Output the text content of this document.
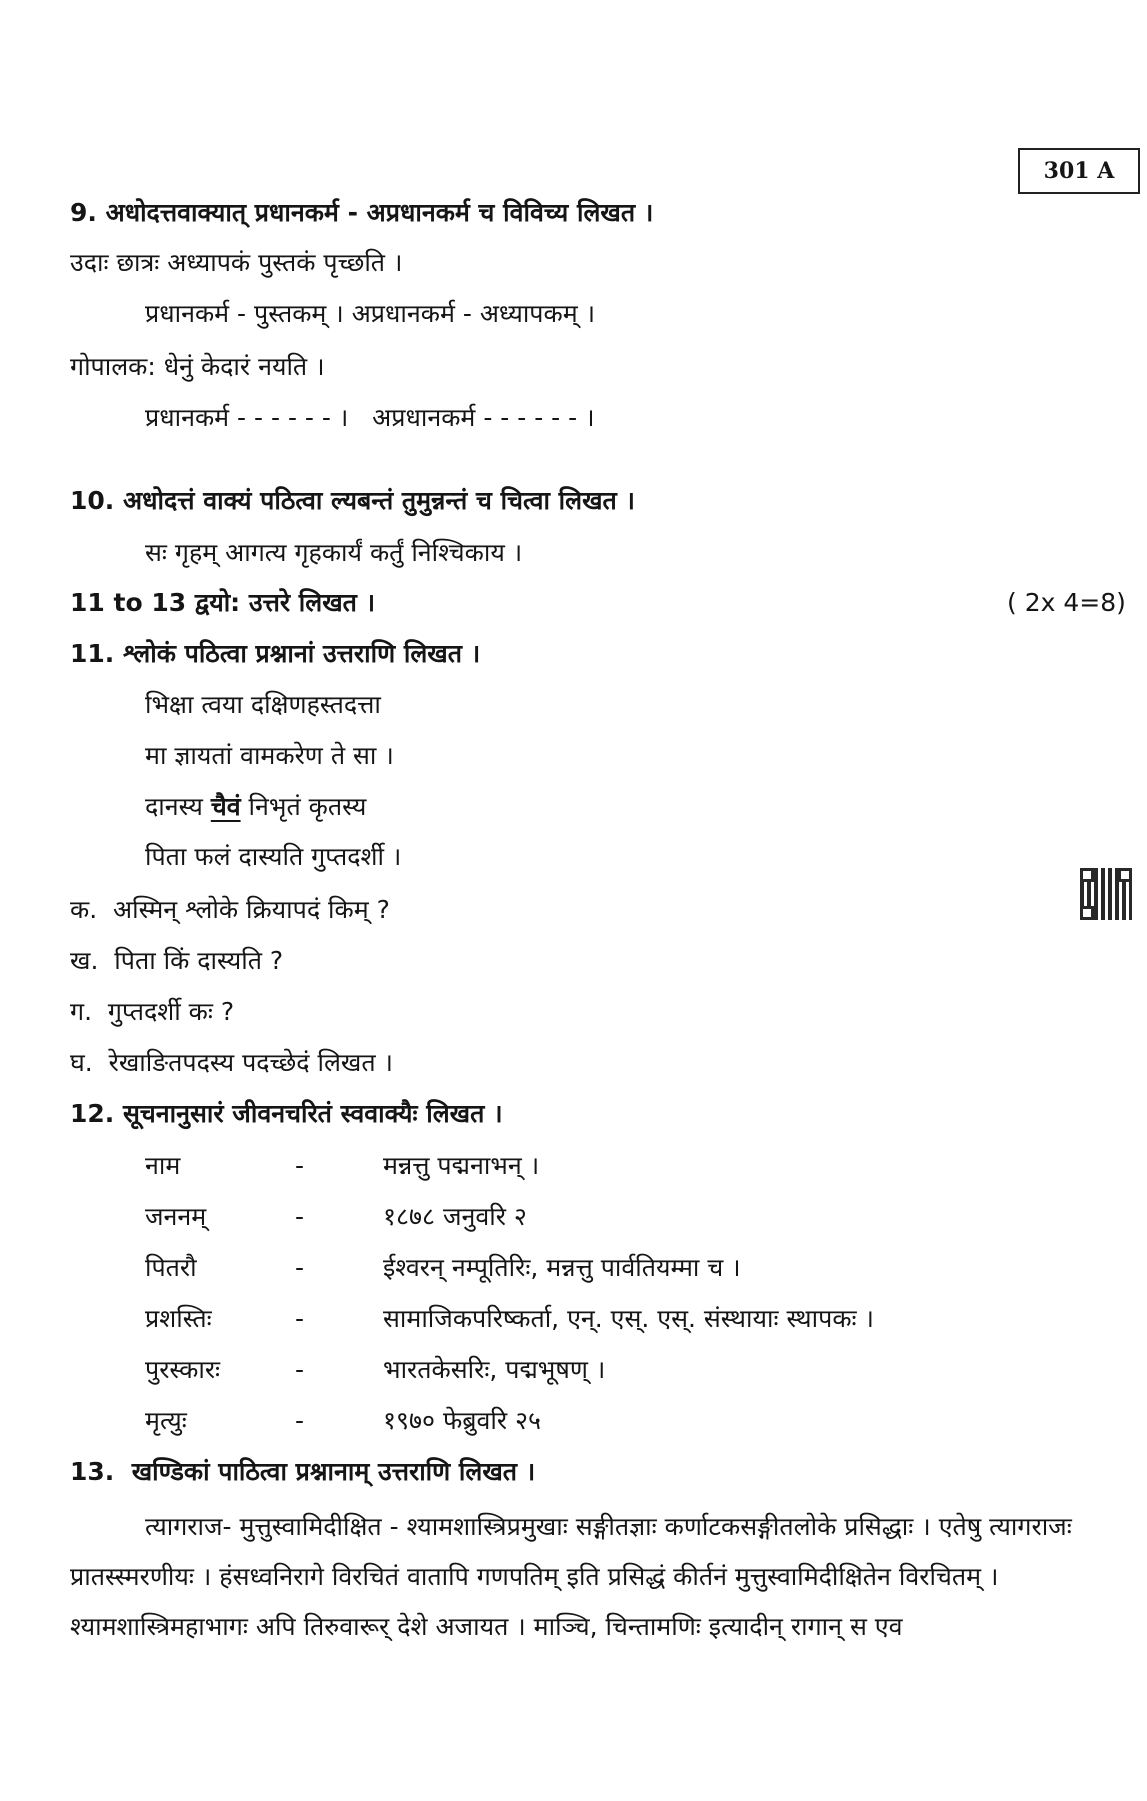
301 A
9. अधोदत्तवाक्यात् प्रधानकर्म - अप्रधानकर्म च विविच्य लिखत ।
उदाः छात्रः अध्यापकं पुस्तकं पृच्छति ।
प्रधानकर्म - पुस्तकम् । अप्रधानकर्म - अध्यापकम् ।
गोपालक: धेनुं केदारं नयति ।
प्रधानकर्म - - - - - - ।   अप्रधानकर्म - - - - - - ।
10. अधोदत्तं वाक्यं पठित्वा ल्यबन्तं तुमुन्नन्तं च चित्वा लिखत ।
सः गृहम् आगत्य गृहकार्यं कर्तुं निश्चिकाय ।
11 to 13 द्वयो: उत्तरे लिखत ।	( 2x 4=8)
11. श्लोकं पठित्वा प्रश्नानां उत्तराणि लिखत ।
भिक्षा त्वया दक्षिणहस्तदत्ता
मा ज्ञायतां वामकरेण ते सा ।
दानस्य चैवं निभृतं कृतस्य
पिता फलं दास्यति गुप्तदर्शी ।
क.  अस्मिन् श्लोके क्रियापदं किम् ?
ख.  पिता किं दास्यति ?
ग.  गुप्तदर्शी कः ?
घ.  रेखाङितपदस्य पदच्छेदं लिखत ।
12. सूचनानुसारं जीवनचरितं स्ववाक्यैः लिखत ।
नाम	-	मन्नत्तु पद्मनाभन् ।
जननम्	-	१८७८ जनुवरि २
पितरौ	-	ईश्वरन् नम्पूतिरिः, मन्नत्तु पार्वतियम्मा च ।
प्रशस्तिः	-	सामाजिकपरिष्कर्ता, एन्. एस्. एस्. संस्थायाः स्थापकः ।
पुरस्कारः	-	भारतकेसरिः, पद्मभूषण् ।
मृत्युः	-	१९७० फेब्रुवरि २५
13.  खण्डिकां पाठित्वा प्रश्नानाम् उत्तराणि लिखत ।
त्यागराज- मुत्तुस्वामिदीक्षित - श्यामशास्त्रिप्रमुखाः सङ्गीतज्ञाः कर्णाटकसङ्गीतलोके प्रसिद्धाः । एतेषु त्यागराजः प्रातस्स्मरणीयः । हंसध्वनिरागे विरचितं वातापि गणपतिम् इति प्रसिद्धं कीर्तनं मुत्तुस्वामिदीक्षितेन विरचितम् । श्यामशास्त्रिमहाभागः अपि तिरुवारूर् देशे अजायत । माञ्चि, चिन्तामणिः इत्यादीन् रागान् स एव
